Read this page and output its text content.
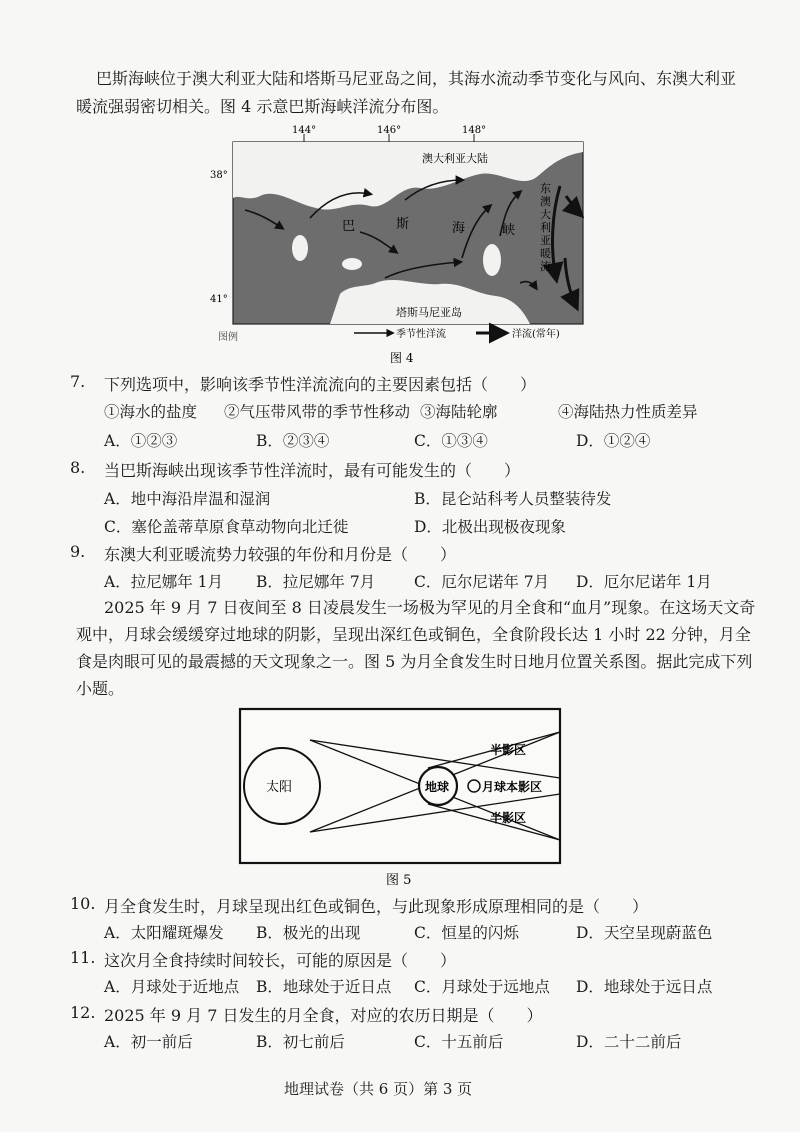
巴斯海峡位于澳大利亚大陆和塔斯马尼亚岛之间，其海水流动季节变化与风向、东澳大利亚
暖流强弱密切相关。图 4 示意巴斯海峡洋流分布图。
144°	146°	148°
38°
41°
澳大利亚大陆
塔斯马尼亚岛
巴	斯	海	峡
东
澳
大
利
亚
暖
流
图例	季节性洋流	洋流(常年)
图 4
7. 下列选项中，影响该季节性洋流流向的主要因素包括（　　）
①海水的盐度 ②气压带风带的季节性移动 ③海陆轮廓	④海陆热力性质差异
A．①②③	B．②③④	C．①③④	D．①②④
8. 当巴斯海峡出现该季节性洋流时，最有可能发生的（　　）
A．地中海沿岸温和湿润	B．昆仑站科考人员整装待发
C．塞伦盖蒂草原食草动物向北迁徙	D．北极出现极夜现象
9. 东澳大利亚暖流势力较强的年份和月份是（　　）
A．拉尼娜年 1月 B．拉尼娜年 7月	C．厄尔尼诺年 7月 D．厄尔尼诺年 1月
2025 年 9 月 7 日夜间至 8 日凌晨发生一场极为罕见的月全食和“血月”现象。在这场天文奇
观中，月球会缓缓穿过地球的阴影，呈现出深红色或铜色，全食阶段长达 1 小时 22 分钟，月全
食是肉眼可见的最震撼的天文现象之一。图 5 为月全食发生时日地月位置关系图。据此完成下列
小题。
太阳	地球	月球本影区
半影区
半影区
图 5
10. 月全食发生时，月球呈现出红色或铜色，与此现象形成原理相同的是（　　）
A．太阳耀斑爆发 B．极光的出现	C．恒星的闪烁	D．天空呈现蔚蓝色
11. 这次月全食持续时间较长，可能的原因是（　　）
A．月球处于近地点 B．地球处于近日点 C．月球处于远地点 D．地球处于远日点
12. 2025 年 9 月 7 日发生的月全食，对应的农历日期是（　　）
A．初一前后	B．初七前后	C．十五前后	D．二十二前后
地理试卷（共 6 页）第 3 页
